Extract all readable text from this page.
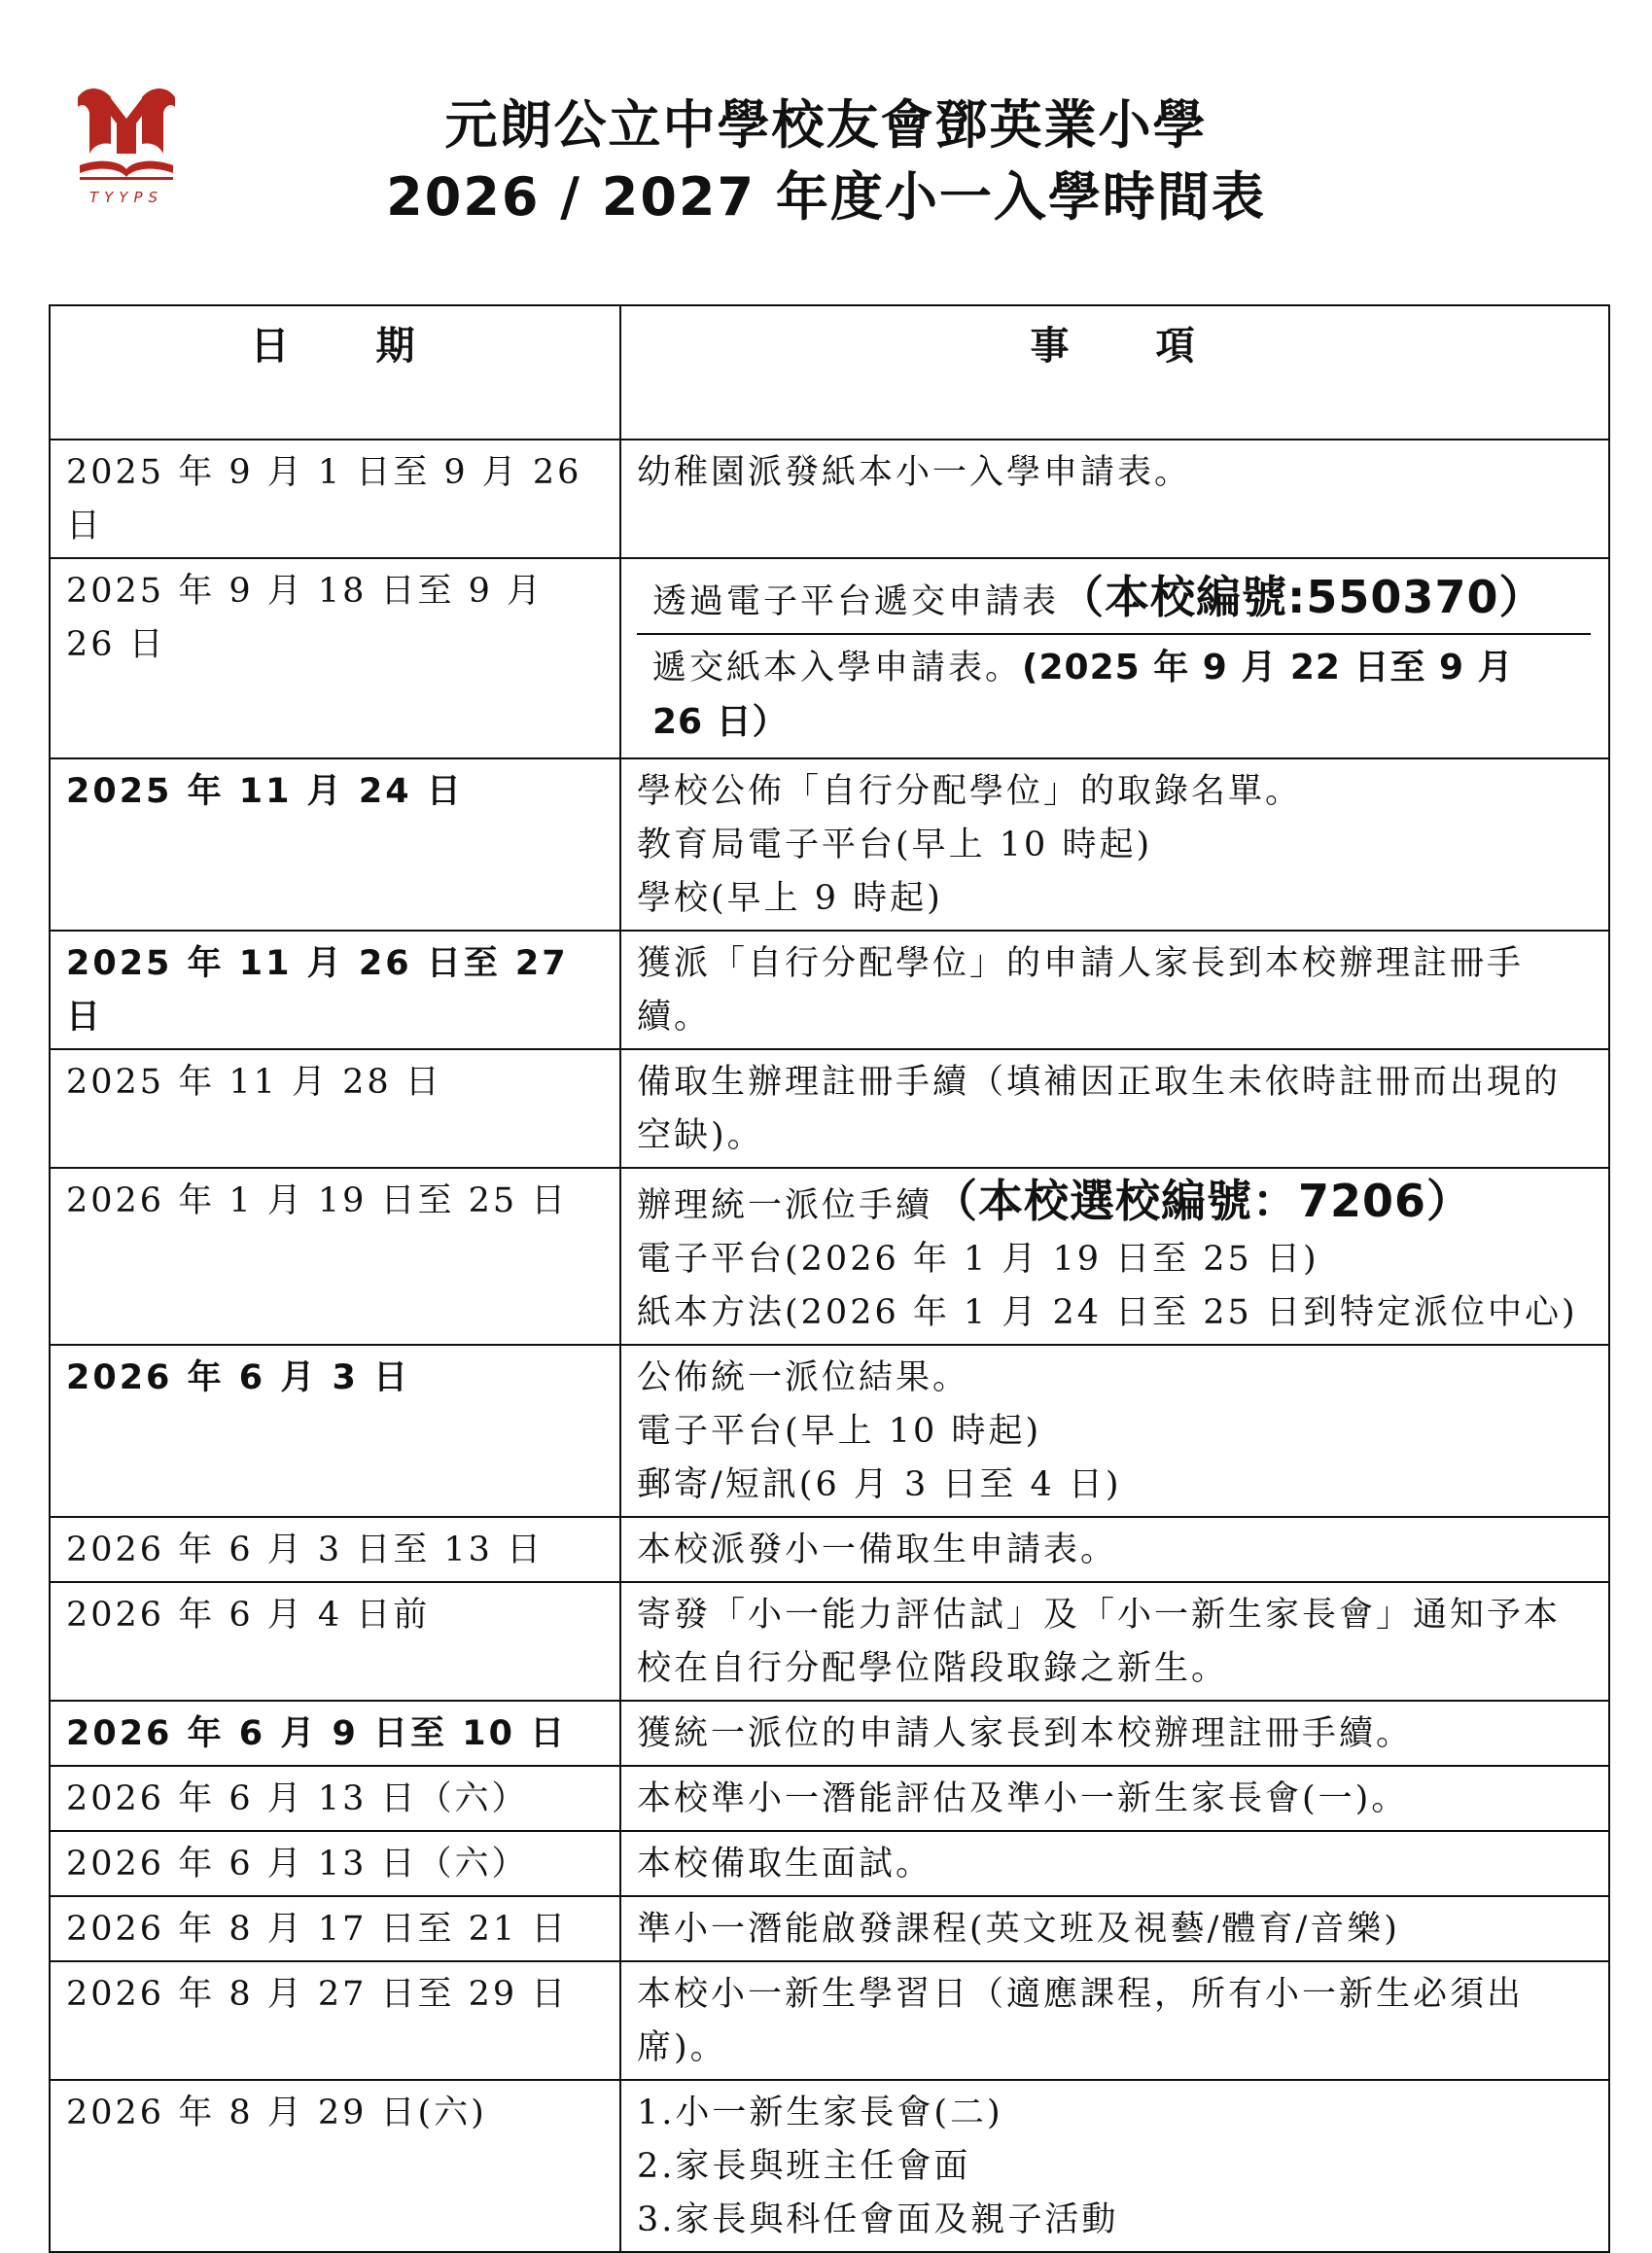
TYYPS
元朗公立中學校友會鄧英業小學
2026 / 2027 年度小一入學時間表
日　　期	事　　項
2025 年 9 月 1 日至 9 月 26 日	幼稚園派發紙本小一入學申請表。

2025 年 9 月 18 日至 9 月 26 日	透過電子平台遞交申請表（本校編號:550370）
遞交紙本入學申請表。(2025 年 9 月 22 日至 9 月 26 日）

2025 年 11 月 24 日	學校公佈「自行分配學位」的取錄名單。
教育局電子平台(早上 10 時起)
學校(早上 9 時起)

2025 年 11 月 26 日至 27 日	獲派「自行分配學位」的申請人家長到本校辦理註冊手續。

2025 年 11 月 28 日	備取生辦理註冊手續（填補因正取生未依時註冊而出現的空缺)。

2026 年 1 月 19 日至 25 日	辦理統一派位手續（本校選校編號：7206）
電子平台(2026 年 1 月 19 日至 25 日)
紙本方法(2026 年 1 月 24 日至 25 日到特定派位中心)

2026 年 6 月 3 日	公佈統一派位結果。
電子平台(早上 10 時起)
郵寄/短訊(6 月 3 日至 4 日)

2026 年 6 月 3 日至 13 日	本校派發小一備取生申請表。

2026 年 6 月 4 日前	寄發「小一能力評估試」及「小一新生家長會」通知予本校在自行分配學位階段取錄之新生。

2026 年 6 月 9 日至 10 日	獲統一派位的申請人家長到本校辦理註冊手續。

2026 年 6 月 13 日（六）	本校準小一潛能評估及準小一新生家長會(一)。

2026 年 6 月 13 日（六）	本校備取生面試。

2026 年 8 月 17 日至 21 日	準小一潛能啟發課程(英文班及視藝/體育/音樂)

2026 年 8 月 27 日至 29 日	本校小一新生學習日（適應課程，所有小一新生必須出席)。

2026 年 8 月 29 日(六)	1.小一新生家長會(二)
2.家長與班主任會面
3.家長與科任會面及親子活動
